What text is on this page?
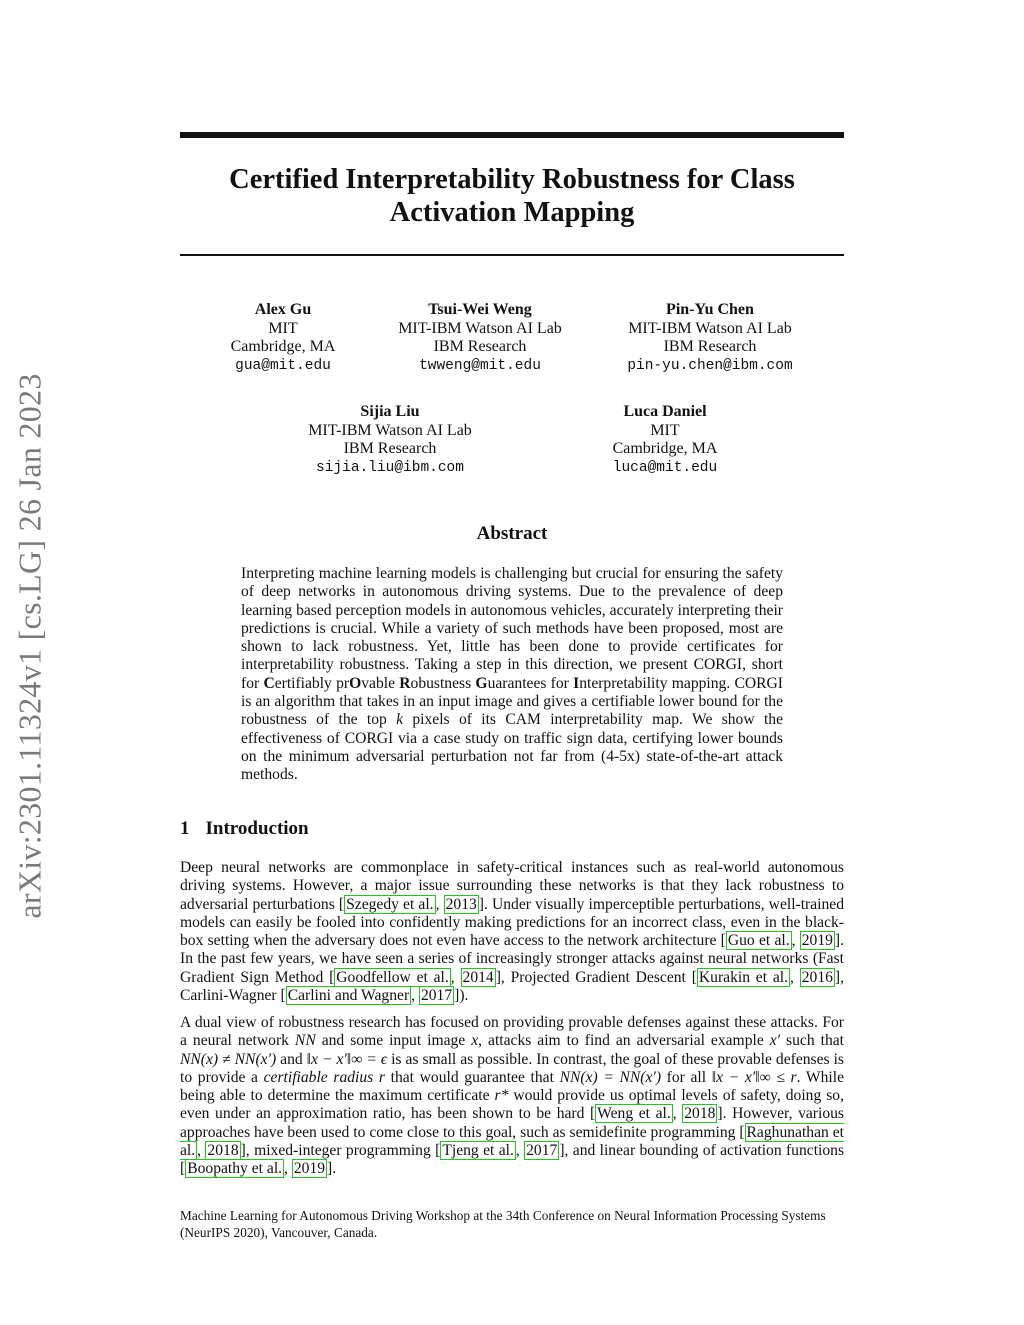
arXiv:2301.11324v1 [cs.LG] 26 Jan 2023
Certified Interpretability Robustness for Class
Activation Mapping
Alex Gu
MIT
Cambridge, MA
gua@mit.edu
Tsui-Wei Weng
MIT-IBM Watson AI Lab
IBM Research
twweng@mit.edu
Pin-Yu Chen
MIT-IBM Watson AI Lab
IBM Research
pin-yu.chen@ibm.com
Sijia Liu
MIT-IBM Watson AI Lab
IBM Research
sijia.liu@ibm.com
Luca Daniel
MIT
Cambridge, MA
luca@mit.edu
Abstract

Interpreting machine learning models is challenging but crucial for ensuring the safety of deep networks in autonomous driving systems. Due to the prevalence of deep learning based perception models in autonomous vehicles, accurately interpreting their predictions is crucial. While a variety of such methods have been proposed, most are shown to lack robustness. Yet, little has been done to provide certificates for interpretability robustness. Taking a step in this direction, we present CORGI, short for Certifiably prOvable Robustness Guarantees for Interpretability mapping. CORGI is an algorithm that takes in an input image and gives a certifiable lower bound for the robustness of the top k pixels of its CAM interpretability map. We show the effectiveness of CORGI via a case study on traffic sign data, certifying lower bounds on the minimum adversarial perturbation not far from (4-5x) state-of-the-art attack methods.

1 Introduction

Deep neural networks are commonplace in safety-critical instances such as real-world autonomous driving systems. However, a major issue surrounding these networks is that they lack robustness to adversarial perturbations [ Szegedy et al. , 2013 ]. Under visually imperceptible perturbations, well-trained models can easily be fooled into confidently making predictions for an incorrect class, even in the black-box setting when the adversary does not even have access to the network architecture [ Guo et al. , 2019 ]. In the past few years, we have seen a series of increasingly stronger attacks against neural networks (Fast Gradient Sign Method [ Goodfellow et al. , 2014 ], Projected Gradient Descent [ Kurakin et al. , 2016 ], Carlini-Wagner [ Carlini and Wagner , 2017 ]).

A dual view of robustness research has focused on providing provable defenses against these attacks. For a neural network NN and some input image x, attacks aim to find an adversarial example x′ such that NN(x) ≠ NN(x′) and ‖x − x′‖∞ = ϵ is as small as possible. In contrast, the goal of these provable defenses is to provide a certifiable radius r that would guarantee that NN(x) = NN(x′) for all ‖x − x′‖∞ ≤ r. While being able to determine the maximum certificate r* would provide us optimal levels of safety, doing so, even under an approximation ratio, has been shown to be hard [ Weng et al. , 2018 ]. However, various approaches have been used to come close to this goal, such as semidefinite programming [ Raghunathan et al. , 2018 ], mixed-integer programming [ Tjeng et al. , 2017 ], and linear bounding of activation functions [ Boopathy et al. , 2019 ].

Machine Learning for Autonomous Driving Workshop at the 34th Conference on Neural Information Processing Systems (NeurIPS 2020), Vancouver, Canada.
